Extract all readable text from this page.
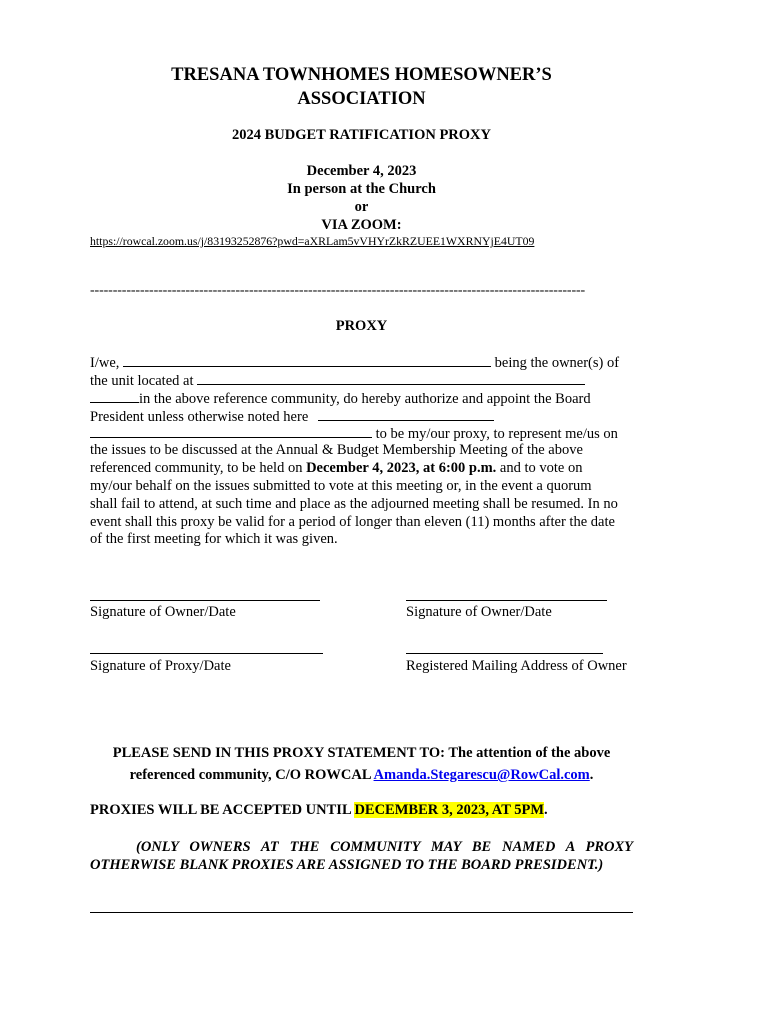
TRESANA TOWNHOMES HOMESOWNER’S
ASSOCIATION
2024 BUDGET RATIFICATION PROXY
December 4, 2023
In person at the Church
or
VIA ZOOM:
https://rowcal.zoom.us/j/83193252876?pwd=aXRLam5vVHYrZkRZUEE1WXRNYjE4UT09
-------------------------------------------------------------------------------------------------------------
PROXY
I/we,	being the owner(s) of
the unit located at
in the above reference community, do hereby authorize and appoint the Board
President unless otherwise noted here
to be my/our proxy, to represent me/us on
the issues to be discussed at the Annual & Budget Membership Meeting of the above
referenced community, to be held on December 4, 2023, at 6:00 p.m. and to vote on
my/our behalf on the issues submitted to vote at this meeting or, in the event a quorum
shall fail to attend, at such time and place as the adjourned meeting shall be resumed. In no
event shall this proxy be valid for a period of longer than eleven (11) months after the date
of the first meeting for which it was given.
Signature of Owner/Date	Signature of Owner/Date
Signature of Proxy/Date	Registered Mailing Address of Owner
PLEASE SEND IN THIS PROXY STATEMENT TO: The attention of the above
referenced community, C/O ROWCAL Amanda.Stegarescu@RowCal.com.
PROXIES WILL BE ACCEPTED UNTIL DECEMBER 3, 2023, AT 5PM.
(ONLY OWNERS AT THE COMMUNITY MAY BE NAMED A PROXY OTHERWISE BLANK PROXIES ARE ASSIGNED TO THE BOARD PRESIDENT.)
